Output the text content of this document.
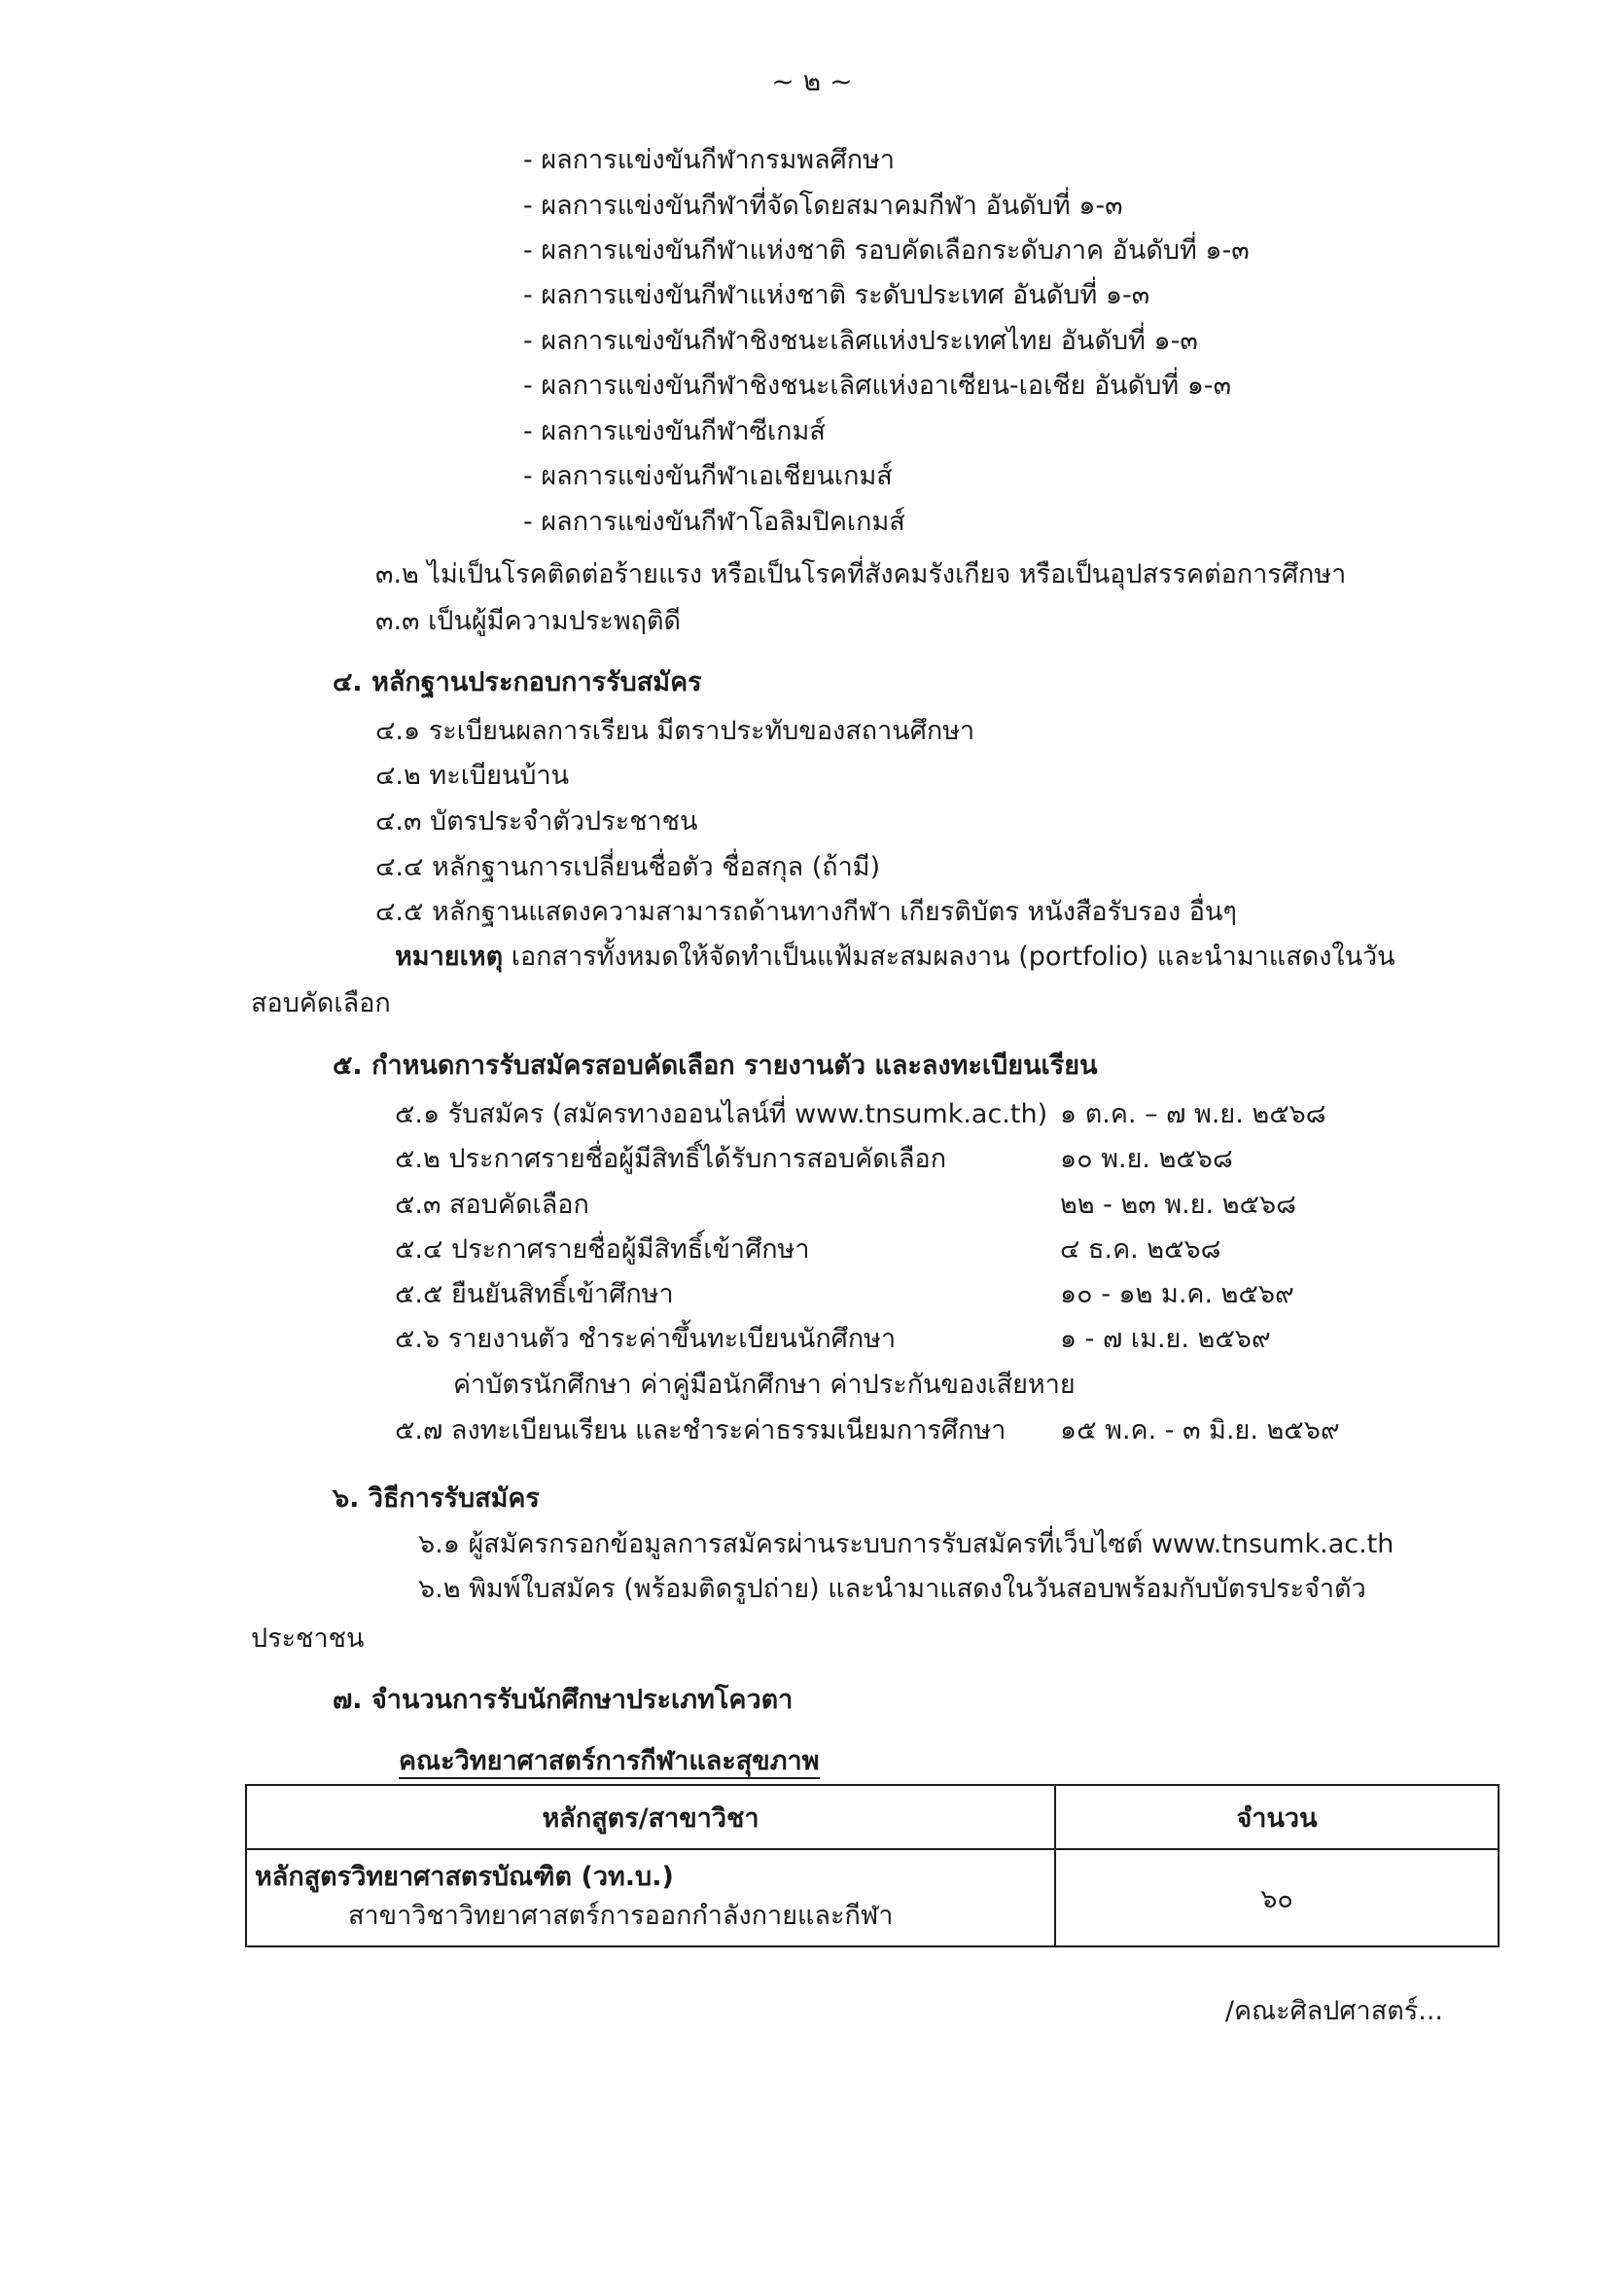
~ ๒ ~
- ผลการแข่งขันกีฬากรมพลศึกษา
- ผลการแข่งขันกีฬาที่จัดโดยสมาคมกีฬา อันดับที่ ๑-๓
- ผลการแข่งขันกีฬาแห่งชาติ รอบคัดเลือกระดับภาค อันดับที่ ๑-๓
- ผลการแข่งขันกีฬาแห่งชาติ ระดับประเทศ อันดับที่ ๑-๓
- ผลการแข่งขันกีฬาชิงชนะเลิศแห่งประเทศไทย อันดับที่ ๑-๓
- ผลการแข่งขันกีฬาชิงชนะเลิศแห่งอาเซียน-เอเชีย อันดับที่ ๑-๓
- ผลการแข่งขันกีฬาซีเกมส์
- ผลการแข่งขันกีฬาเอเชียนเกมส์
- ผลการแข่งขันกีฬาโอลิมปิคเกมส์
๓.๒ ไม่เป็นโรคติดต่อร้ายแรง หรือเป็นโรคที่สังคมรังเกียจ หรือเป็นอุปสรรคต่อการศึกษา
๓.๓ เป็นผู้มีความประพฤติดี
๔. หลักฐานประกอบการรับสมัคร
๔.๑ ระเบียนผลการเรียน มีตราประทับของสถานศึกษา
๔.๒ ทะเบียนบ้าน
๔.๓ บัตรประจำตัวประชาชน
๔.๔ หลักฐานการเปลี่ยนชื่อตัว ชื่อสกุล (ถ้ามี)
๔.๕ หลักฐานแสดงความสามารถด้านทางกีฬา เกียรติบัตร หนังสือรับรอง อื่นๆ
หมายเหตุ เอกสารทั้งหมดให้จัดทำเป็นแฟ้มสะสมผลงาน (portfolio) และนำมาแสดงในวัน
สอบคัดเลือก
๕. กำหนดการรับสมัครสอบคัดเลือก รายงานตัว และลงทะเบียนเรียน
๕.๑ รับสมัคร (สมัครทางออนไลน์ที่ www.tnsumk.ac.th) ๑ ต.ค. – ๗ พ.ย. ๒๕๖๘
๕.๒ ประกาศรายชื่อผู้มีสิทธิ์ได้รับการสอบคัดเลือก	๑๐ พ.ย. ๒๕๖๘
๕.๓ สอบคัดเลือก	๒๒ - ๒๓ พ.ย. ๒๕๖๘
๕.๔ ประกาศรายชื่อผู้มีสิทธิ์เข้าศึกษา	๔ ธ.ค. ๒๕๖๘
๕.๕ ยืนยันสิทธิ์เข้าศึกษา	๑๐ - ๑๒ ม.ค. ๒๕๖๙
๕.๖ รายงานตัว ชำระค่าขึ้นทะเบียนนักศึกษา	๑ - ๗ เม.ย. ๒๕๖๙
ค่าบัตรนักศึกษา ค่าคู่มือนักศึกษา ค่าประกันของเสียหาย
๕.๗ ลงทะเบียนเรียน และชำระค่าธรรมเนียมการศึกษา ๑๕ พ.ค. - ๓ มิ.ย. ๒๕๖๙
๖. วิธีการรับสมัคร
๖.๑ ผู้สมัครกรอกข้อมูลการสมัครผ่านระบบการรับสมัครที่เว็บไซต์ www.tnsumk.ac.th
๖.๒ พิมพ์ใบสมัคร (พร้อมติดรูปถ่าย) และนำมาแสดงในวันสอบพร้อมกับบัตรประจำตัว
ประชาชน
๗. จำนวนการรับนักศึกษาประเภทโควตา
คณะวิทยาศาสตร์การกีฬาและสุขภาพ
หลักสูตร/สาขาวิชา	จำนวน

หลักสูตรวิทยาศาสตรบัณฑิต (วท.บ.)
สาขาวิชาวิทยาศาสตร์การออกกำลังกายและกีฬา	๖๐
/คณะศิลปศาสตร์...
